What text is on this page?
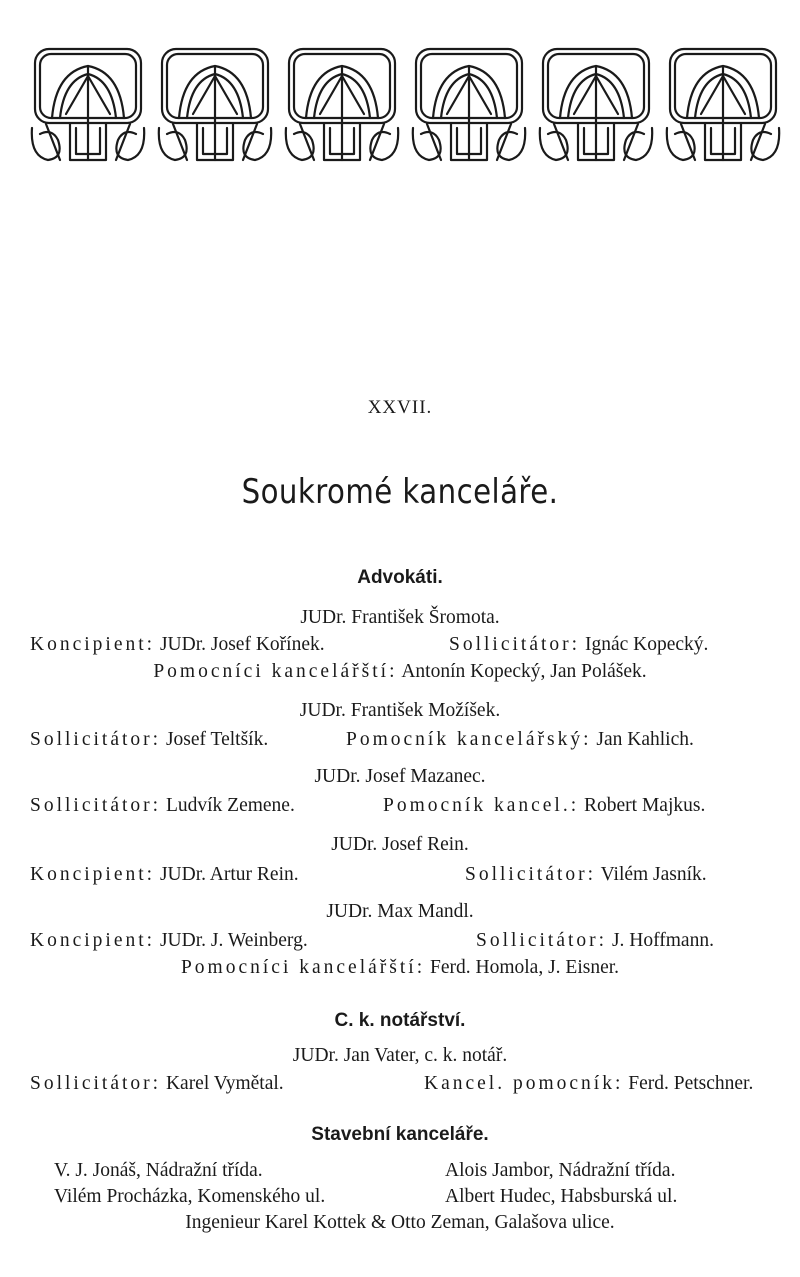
XXVII.
Soukromé kanceláře.
Advokáti.
JUDr. František Šromota.
Koncipient: JUDr. Josef Kořínek.	Sollicitátor: Ignác Kopecký.
Pomocníci kancelářští: Antonín Kopecký, Jan Polášek.
JUDr. František Možíšek.
Sollicitátor: Josef Teltšík.	Pomocník kancelářský: Jan Kahlich.
JUDr. Josef Mazanec.
Sollicitátor: Ludvík Zemene.	Pomocník kancel.: Robert Majkus.
JUDr. Josef Rein.
Koncipient: JUDr. Artur Rein.	Sollicitátor: Vilém Jasník.
JUDr. Max Mandl.
Koncipient: JUDr. J. Weinberg.	Sollicitátor: J. Hoffmann.
Pomocníci kancelářští: Ferd. Homola, J. Eisner.
C. k. notářství.
JUDr. Jan Vater, c. k. notář.
Sollicitátor: Karel Vymětal.	Kancel. pomocník: Ferd. Petschner.
Stavební kanceláře.
V. J. Jonáš, Nádražní třída.	Alois Jambor, Nádražní třída.
Vilém Procházka, Komenského ul.	Albert Hudec, Habsburská ul.
Ingenieur Karel Kottek & Otto Zeman, Galašova ulice.
